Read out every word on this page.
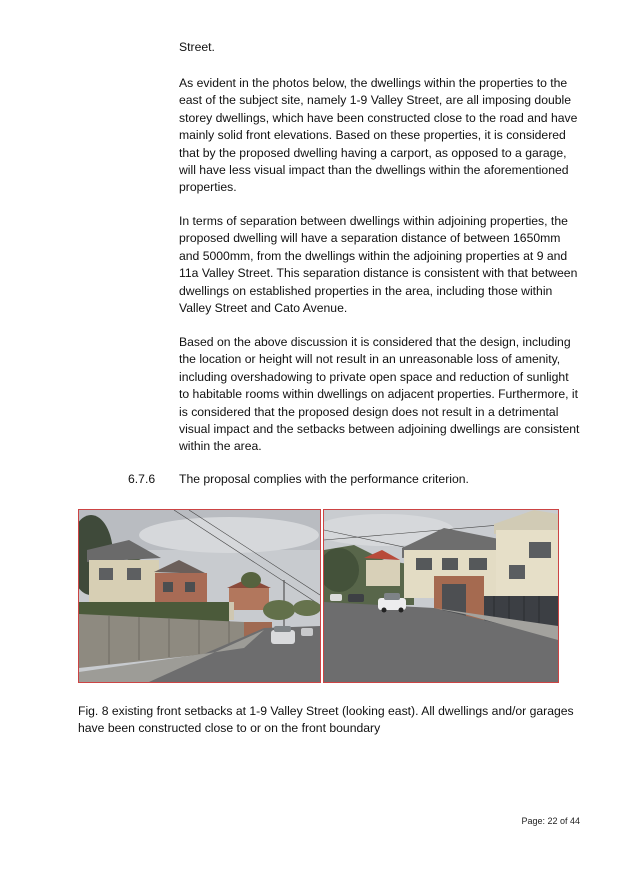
Street.

As evident in the photos below, the dwellings within the properties to the east of the subject site, namely 1-9 Valley Street, are all imposing double storey dwellings, which have been constructed close to the road and have mainly solid front elevations. Based on these properties, it is considered that by the proposed dwelling having a carport, as opposed to a garage, will have less visual impact than the dwellings within the aforementioned properties.

In terms of separation between dwellings within adjoining properties, the proposed dwelling will have a separation distance of between 1650mm and 5000mm, from the dwellings within the adjoining properties at 9 and 11a Valley Street. This separation distance is consistent with that between dwellings on established properties in the area, including those within Valley Street and Cato Avenue.

Based on the above discussion it is considered that the design, including the location or height will not result in an unreasonable loss of amenity, including overshadowing to private open space and reduction of sunlight to habitable rooms within dwellings on adjacent properties. Furthermore, it is considered that the proposed design does not result in a detrimental visual impact and the setbacks between adjoining dwellings are consistent within the area.

6.7.6 The proposal complies with the performance criterion.

Fig. 8 existing front setbacks at 1-9 Valley Street (looking east). All dwellings and/or garages have been constructed close to or on the front boundary

Page: 22 of 44
